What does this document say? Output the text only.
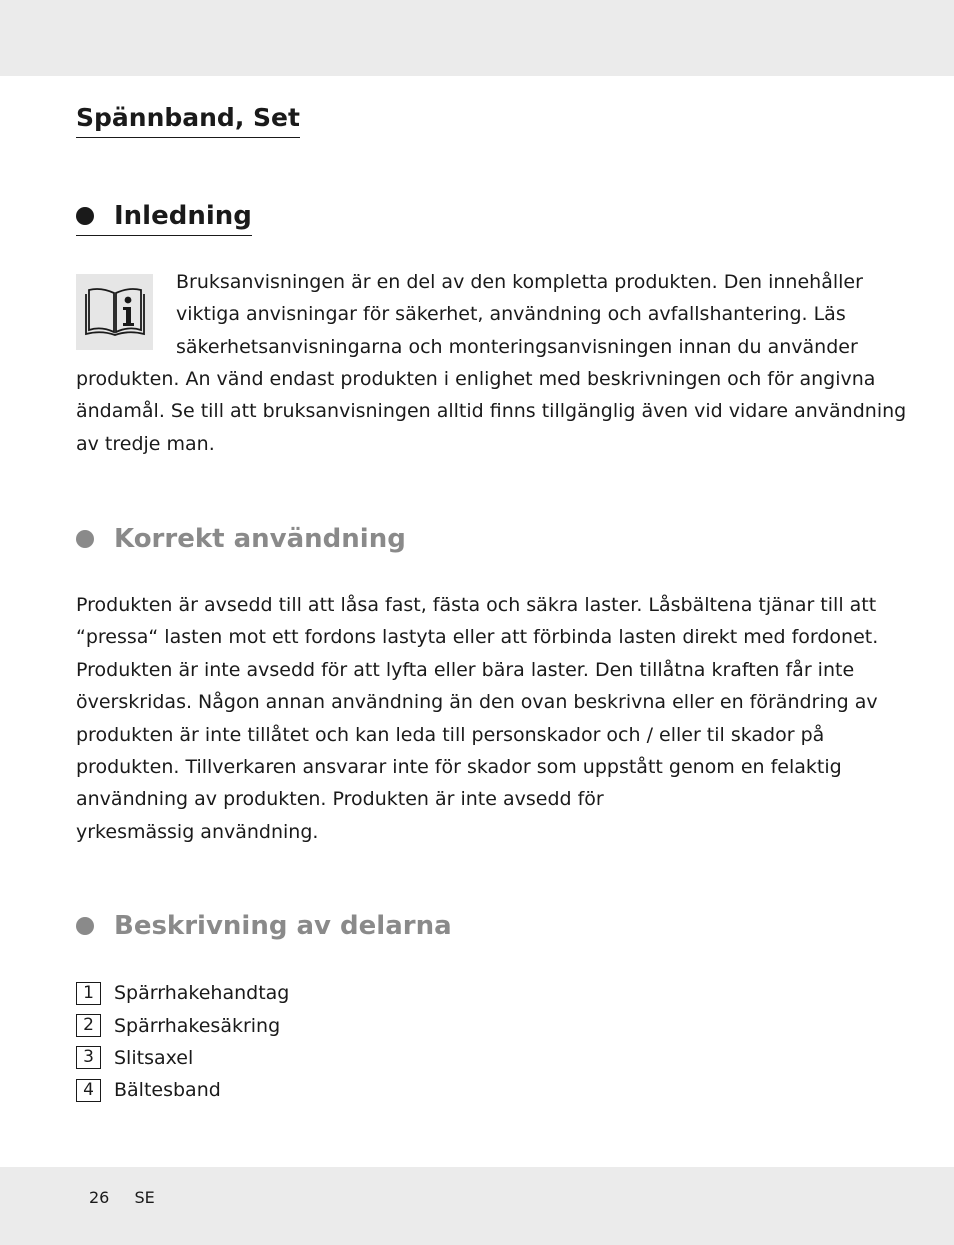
Spännband, Set
Inledning

Bruksanvisningen är en del av den kompletta produkten. Den innehåller
viktiga anvisningar för säkerhet, användning och avfallshantering. Läs
säkerhetsanvisningarna och monteringsanvisningen innan du använder

produkten. An vänd endast produkten i enlighet med beskrivningen och för angivna
ändamål. Se till att bruksanvisningen alltid finns tillgänglig även vid vidare användning
av tredje man.

Korrekt användning

Produkten är avsedd till att låsa fast, fästa och säkra laster. Låsbältena tjänar till att
“pressa“ lasten mot ett fordons lastyta eller att förbinda lasten direkt med fordonet.
Produkten är inte avsedd för att lyfta eller bära laster. Den tillåtna kraften får inte
överskridas. Någon annan användning än den ovan beskrivna eller en förändring av
produkten är inte tillåtet och kan leda till personskador och / eller til skador på
produkten. Tillverkaren ansvarar inte för skador som uppstått genom en felaktig
användning av produkten. Produkten är inte avsedd för
yrkesmässig användning.

Beskrivning av delarna
1	Spärrhakehandtag
2	Spärrhakesäkring
3	Slitsaxel
4	Bältesband
26 SE
